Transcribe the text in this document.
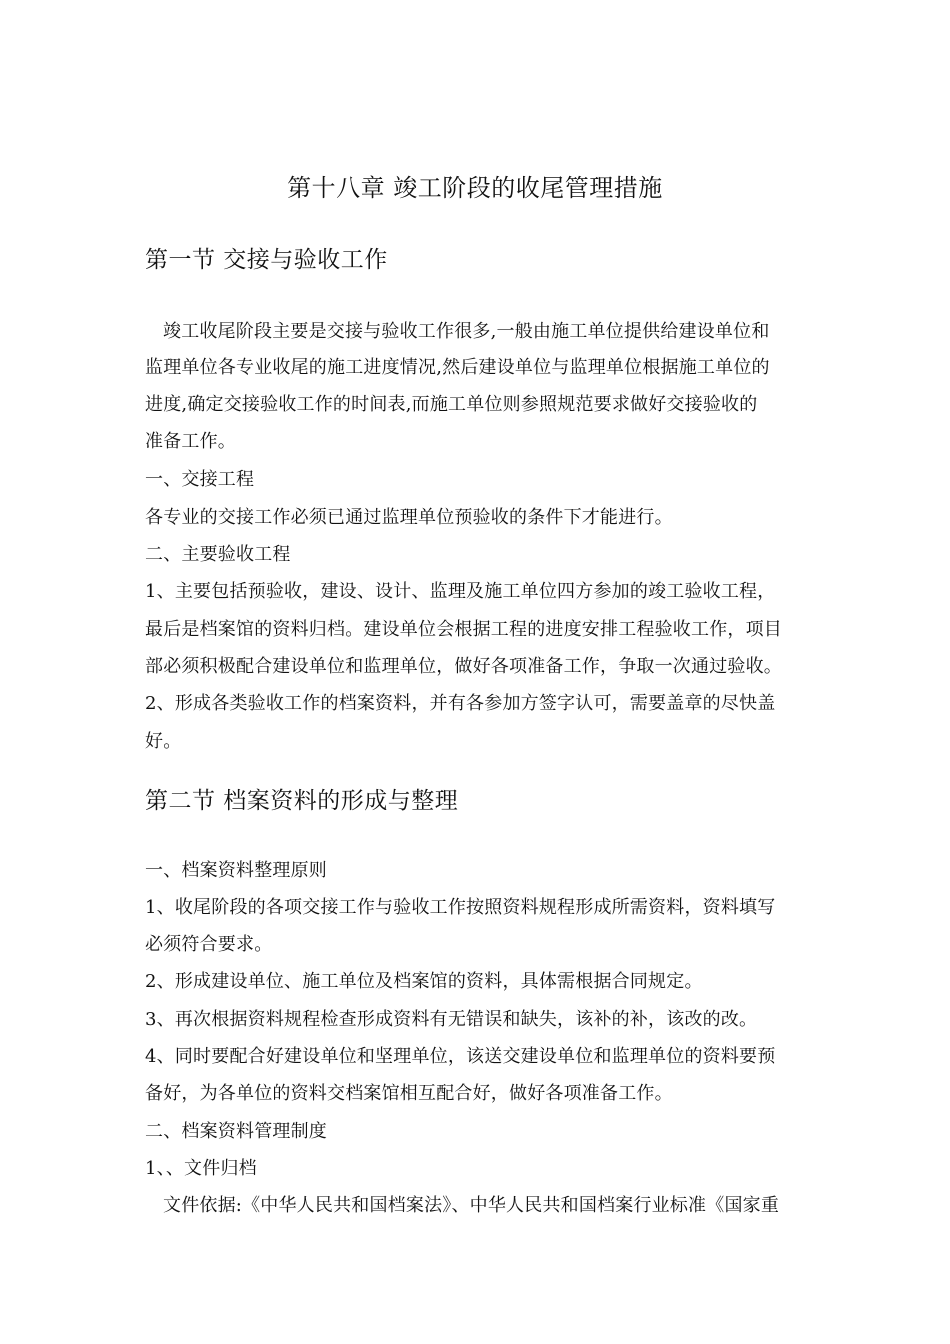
第十八章 竣工阶段的收尾管理措施
第一节 交接与验收工作
竣工收尾阶段主要是交接与验收工作很多,一般由施工单位提供给建设单位和
监理单位各专业收尾的施工进度情况,然后建设单位与监理单位根据施工单位的
进度,确定交接验收工作的时间表,而施工单位则参照规范要求做好交接验收的
准备工作。
一、交接工程
各专业的交接工作必须已通过监理单位预验收的条件下才能进行。
二、主要验收工程
1、主要包括预验收，建设、设计、监理及施工单位四方参加的竣工验收工程，
最后是档案馆的资料归档。建设单位会根据工程的进度安排工程验收工作，项目
部必须积极配合建设单位和监理单位，做好各项准备工作，争取一次通过验收。
2、形成各类验收工作的档案资料，并有各参加方签字认可，需要盖章的尽快盖
好。
第二节 档案资料的形成与整理
一、档案资料整理原则
1、收尾阶段的各项交接工作与验收工作按照资料规程形成所需资料，资料填写
必须符合要求。
2、形成建设单位、施工单位及档案馆的资料，具体需根据合同规定。
3、再次根据资料规程检查形成资料有无错误和缺失，该补的补，该改的改。
4、同时要配合好建设单位和坚理单位，该送交建设单位和监理单位的资料要预
备好，为各单位的资料交档案馆相互配合好，做好各项准备工作。
二、档案资料管理制度
1、、文件归档
文件依据:《中华人民共和国档案法》、中华人民共和国档案行业标准《国家重
